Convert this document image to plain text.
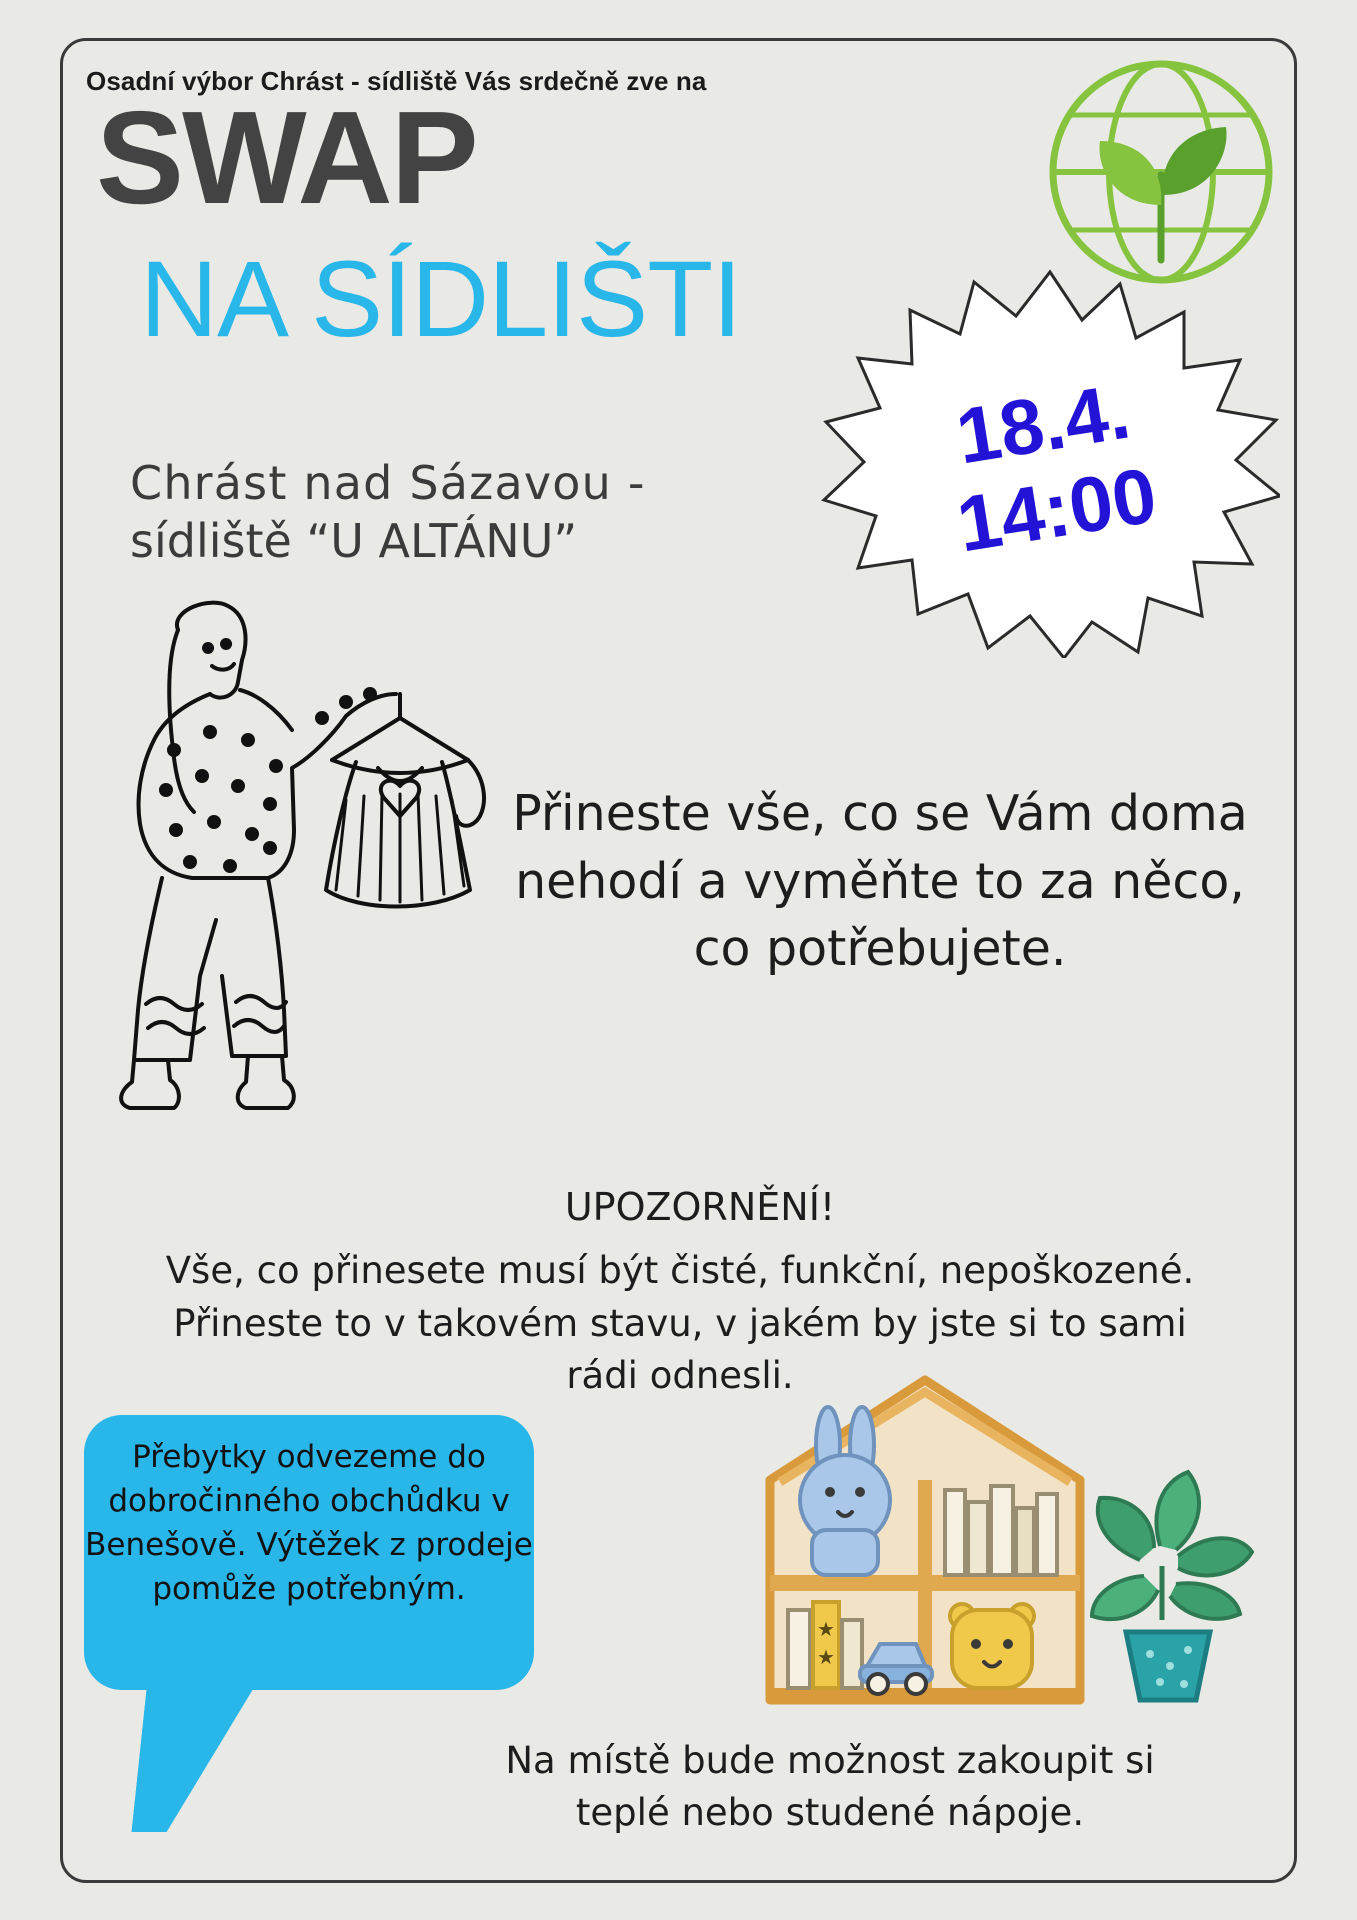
Osadní výbor Chrást - sídliště Vás srdečně zve na
SWAP
NA SÍDLIŠTI
Chrást nad Sázavou -
sídliště “U ALTÁNU”
18.4.
14:00
Přineste vše, co se Vám doma nehodí a vyměňte to za něco, co potřebujete.
UPOZORNĚNÍ!
Vše, co přinesete musí být čisté, funkční, nepoškozené.
Přineste to v takovém stavu, v jakém by jste si to sami
rádi odnesli.
Přebytky odvezeme do dobročinného obchůdku v Benešově. Výtěžek z prodeje pomůže potřebným.
★
★
Na místě bude možnost zakoupit si
teplé nebo studené nápoje.
